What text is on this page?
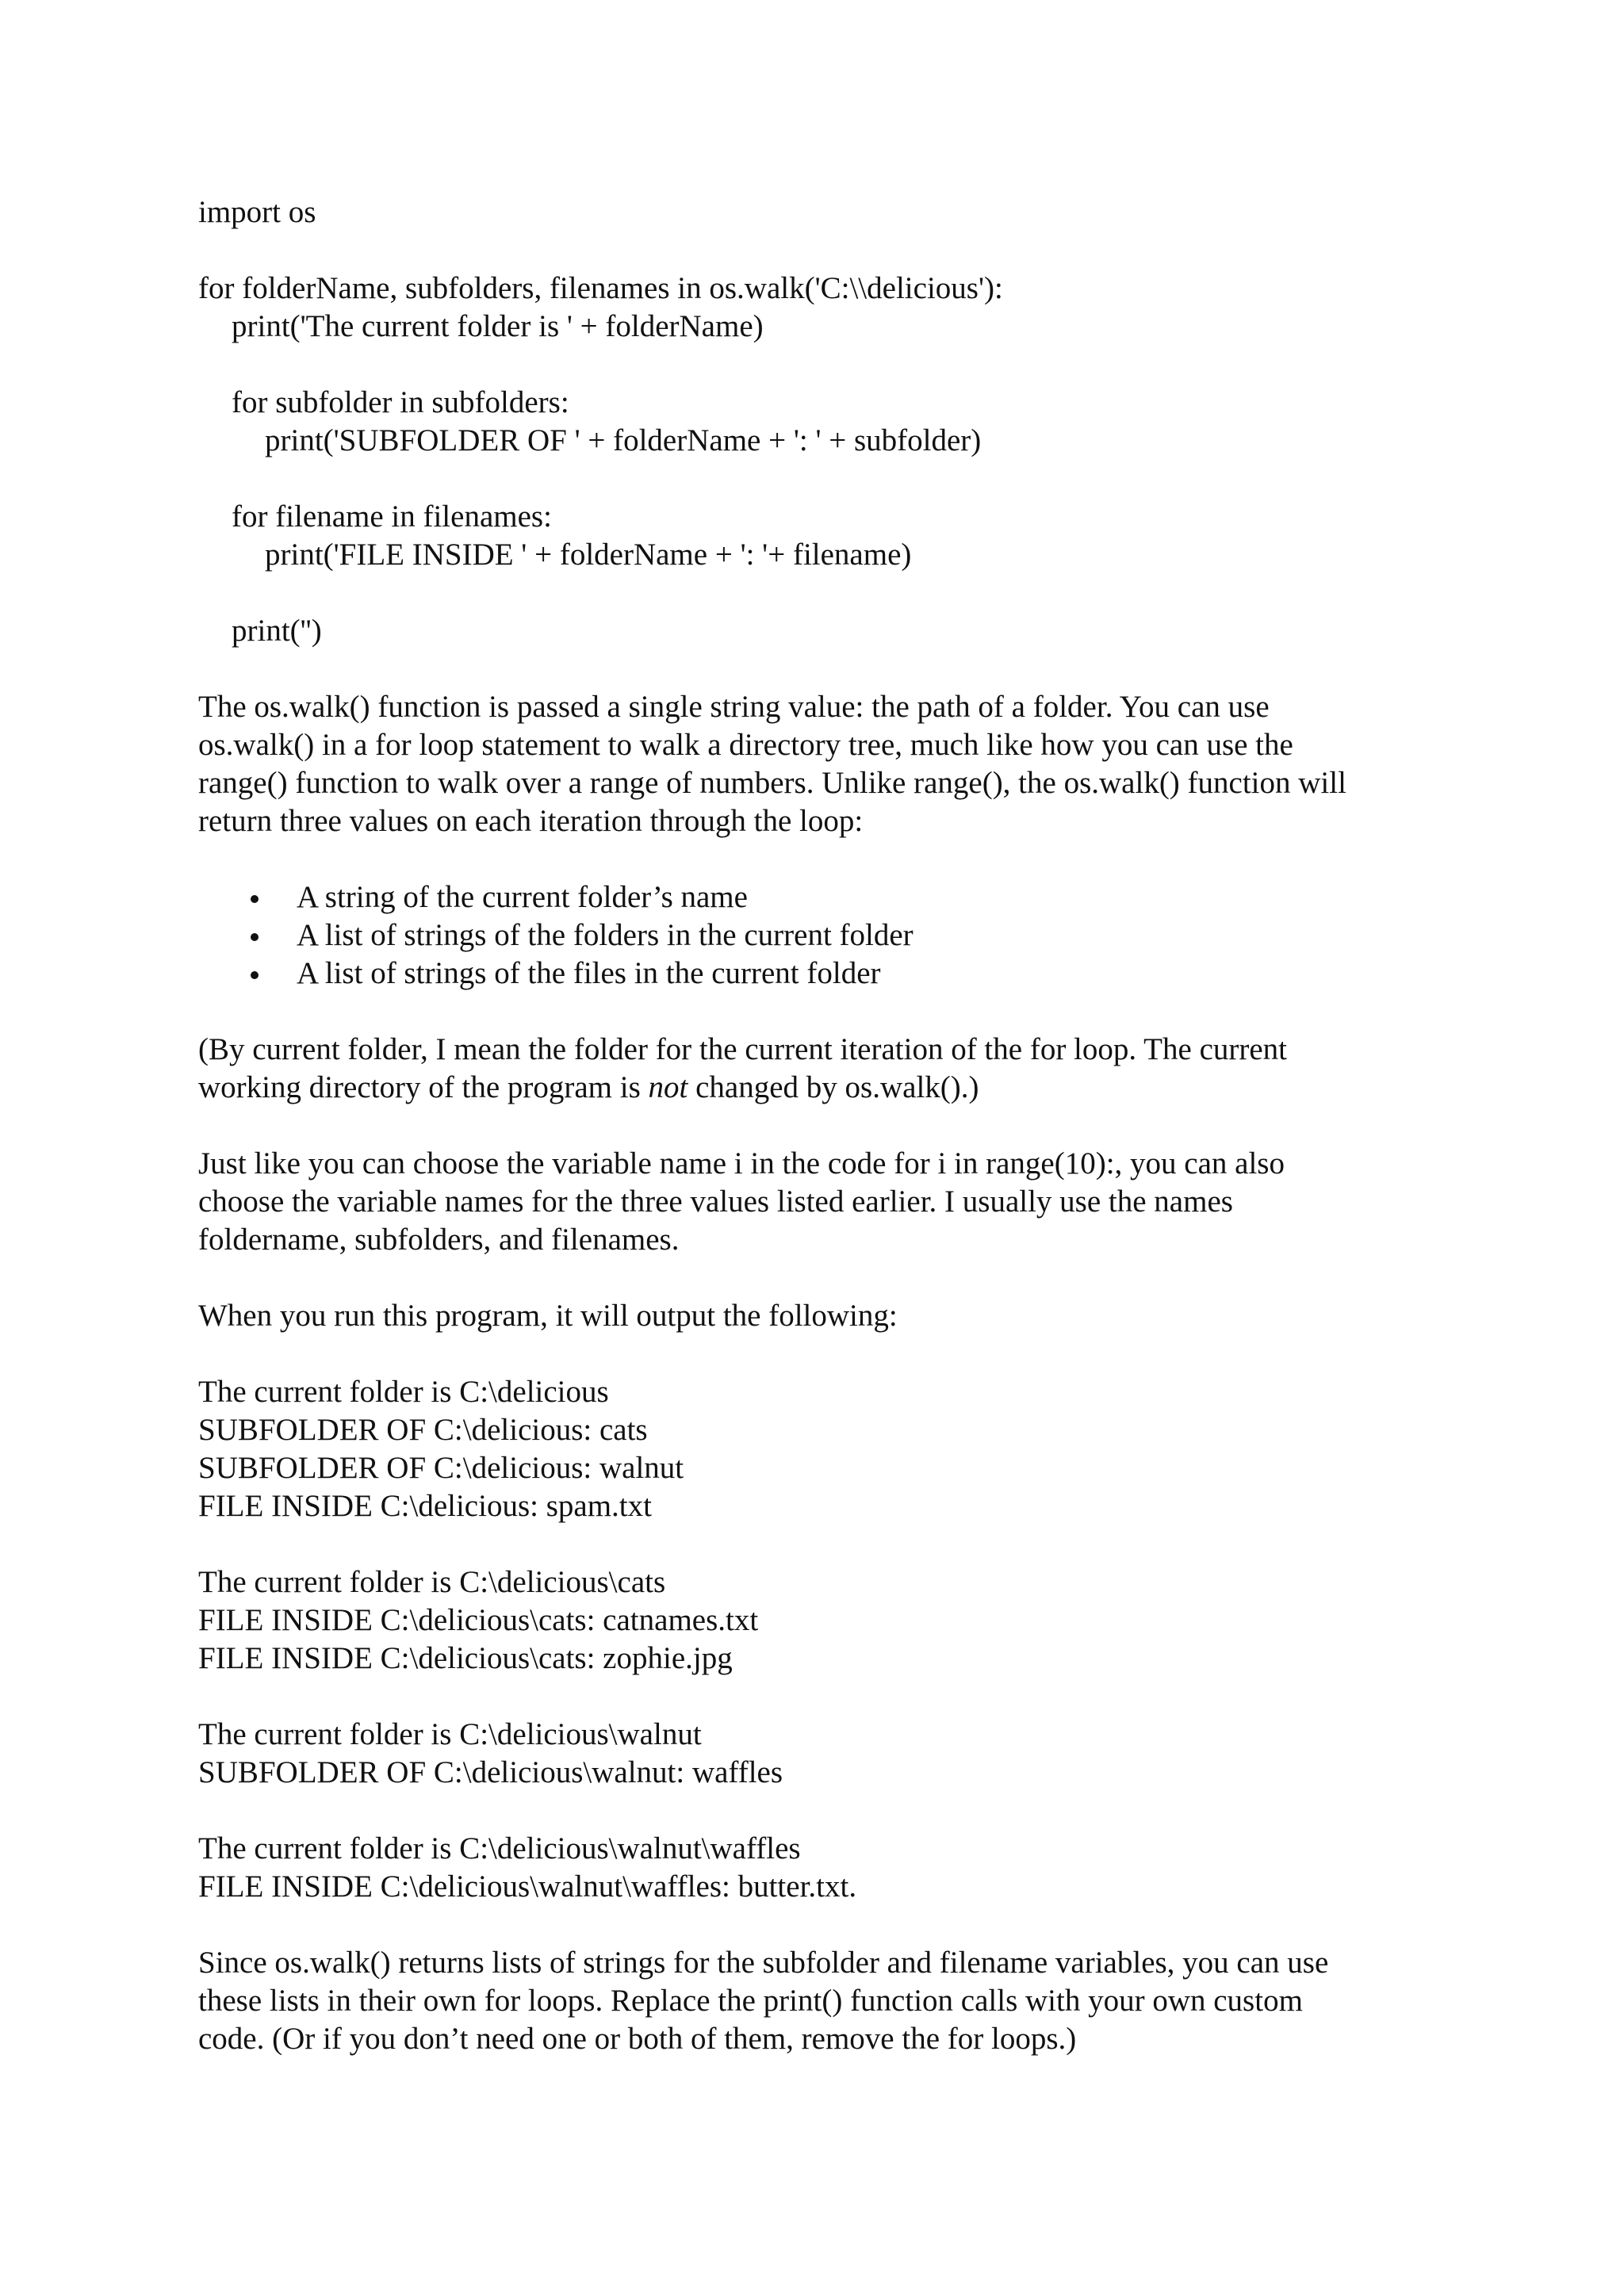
import os
for folderName, subfolders, filenames in os.walk('C:\\delicious'):
print('The current folder is ' + folderName)
for subfolder in subfolders:
print('SUBFOLDER OF ' + folderName + ': ' + subfolder)
for filename in filenames:
print('FILE INSIDE ' + folderName + ': '+ filename)
print('')
The os.walk() function is passed a single string value: the path of a folder. You can use
os.walk() in a for loop statement to walk a directory tree, much like how you can use the
range() function to walk over a range of numbers. Unlike range(), the os.walk() function will
return three values on each iteration through the loop:
A string of the current folder’s name
A list of strings of the folders in the current folder
A list of strings of the files in the current folder
(By current folder, I mean the folder for the current iteration of the for loop. The current
working directory of the program is not changed by os.walk().)
Just like you can choose the variable name i in the code for i in range(10):, you can also
choose the variable names for the three values listed earlier. I usually use the names
foldername, subfolders, and filenames.
When you run this program, it will output the following:
The current folder is C:\delicious
SUBFOLDER OF C:\delicious: cats
SUBFOLDER OF C:\delicious: walnut
FILE INSIDE C:\delicious: spam.txt
The current folder is C:\delicious\cats
FILE INSIDE C:\delicious\cats: catnames.txt
FILE INSIDE C:\delicious\cats: zophie.jpg
The current folder is C:\delicious\walnut
SUBFOLDER OF C:\delicious\walnut: waffles
The current folder is C:\delicious\walnut\waffles
FILE INSIDE C:\delicious\walnut\waffles: butter.txt.
Since os.walk() returns lists of strings for the subfolder and filename variables, you can use
these lists in their own for loops. Replace the print() function calls with your own custom
code. (Or if you don’t need one or both of them, remove the for loops.)
